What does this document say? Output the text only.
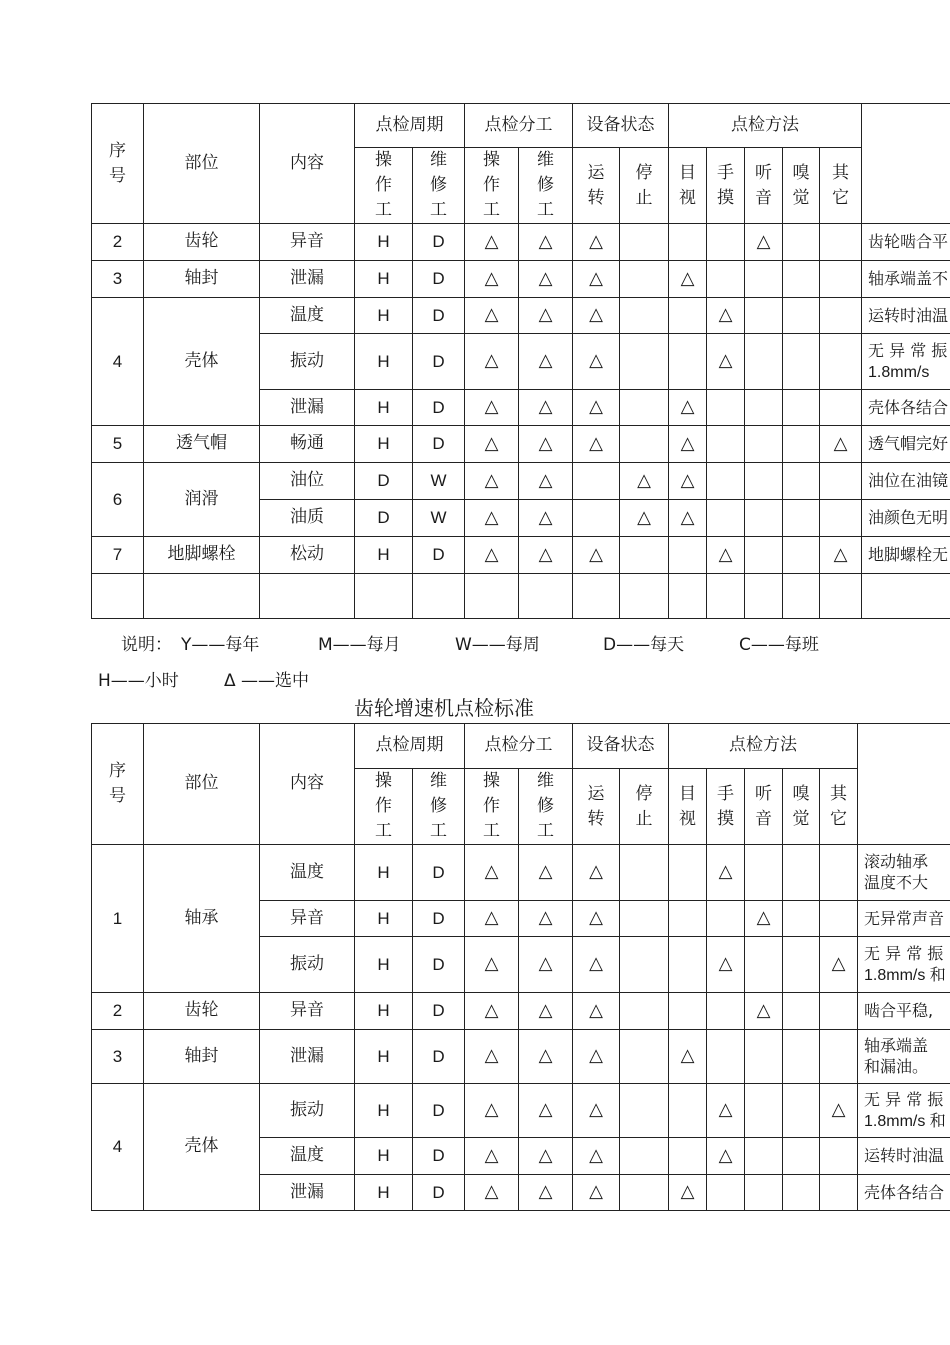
序号	部位	内容	点检周期		点检分工		设备状态		点检方法					
			操作工	维修工	操作工	维修工	运转	停止	目视	手摸	听音	嗅觉	其它	
2	齿轮	异音	H	D	△	△	△				△			齿轮啮合平

3	轴封	泄漏	H	D	△	△	△		△					轴承端盖不

4	壳体	温度	H	D	△	△	△			△				运转时油温

		振动	H	D	△	△	△			△				无 异 常 振
1.8mm/s

		泄漏	H	D	△	△	△		△					壳体各结合

5	透气帽	畅通	H	D	△	△	△		△				△	透气帽完好

6	润滑	油位	D	W	△	△		△	△					油位在油镜

		油质	D	W	△	△		△	△					油颜色无明

7	地脚螺栓	松动	H	D	△	△	△			△			△	地脚螺栓无

说明： Y——每年	M——每月	W——每周	D——每天	C——每班
H——小时	Δ ——选中
齿轮增速机点检标准
序号	部位	内容	点检周期		点检分工		设备状态		点检方法					
			操作工	维修工	操作工	维修工	运转	停止	目视	手摸	听音	嗅觉	其它	
1	轴承	温度	H	D	△	△	△			△				滚动轴承
温度不大

		异音	H	D	△	△	△				△			无异常声音

		振动	H	D	△	△	△			△			△	无 异 常 振
1.8mm/s 和

2	齿轮	异音	H	D	△	△	△				△			啮合平稳,

3	轴封	泄漏	H	D	△	△	△		△					轴承端盖
和漏油。

4	壳体	振动	H	D	△	△	△			△			△	无 异 常 振
1.8mm/s 和

		温度	H	D	△	△	△			△				运转时油温

		泄漏	H	D	△	△	△		△					壳体各结合
